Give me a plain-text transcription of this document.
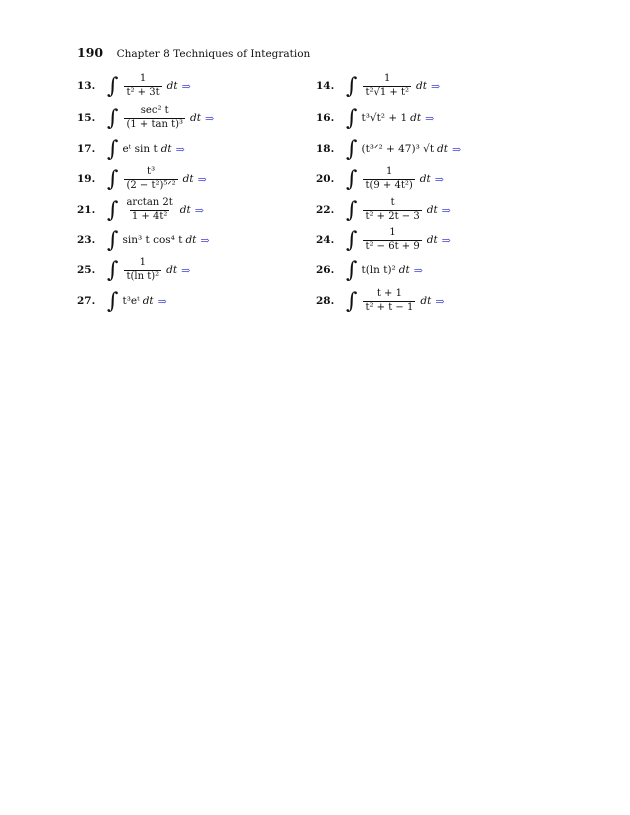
190 Chapter 8 Techniques of Integration
13. ∫ $\frac{1}{\text{t² + 3t}}$ dt ⇒	14. ∫ $\frac{1}{\text{t²√1 + t²}}$ dt ⇒
15. ∫ $\frac{\text{sec² t}}{\text{(1 + tan t)³}}$ dt ⇒	16. ∫ t³√t² + 1 dt ⇒
17. ∫ eᵗ sin t dt ⇒	18. ∫ (t³ᐟ² + 47)³ √t dt ⇒
19. ∫ $\frac{\text{t³}}{\text{(2 − t²)⁵ᐟ²}}$ dt ⇒	20. ∫ $\frac{1}{\text{t(9 + 4t²)}}$ dt ⇒
21. ∫ $\frac{\arctan 2t}{\text{1 + 4t²}}$ dt ⇒	22. ∫ $\frac{t}{\text{t² + 2t − 3}}$ dt ⇒
23. ∫ sin³ t cos⁴ t dt ⇒	24. ∫ $\frac{1}{\text{t² − 6t + 9}}$ dt ⇒
25. ∫ $\frac{1}{\text{t(ln t)²}}$ dt ⇒	26. ∫ t(ln t)² dt ⇒
27. ∫ t³eᵗ dt ⇒	28. ∫ $\frac{t + 1}{\text{t² + t − 1}}$ dt ⇒
